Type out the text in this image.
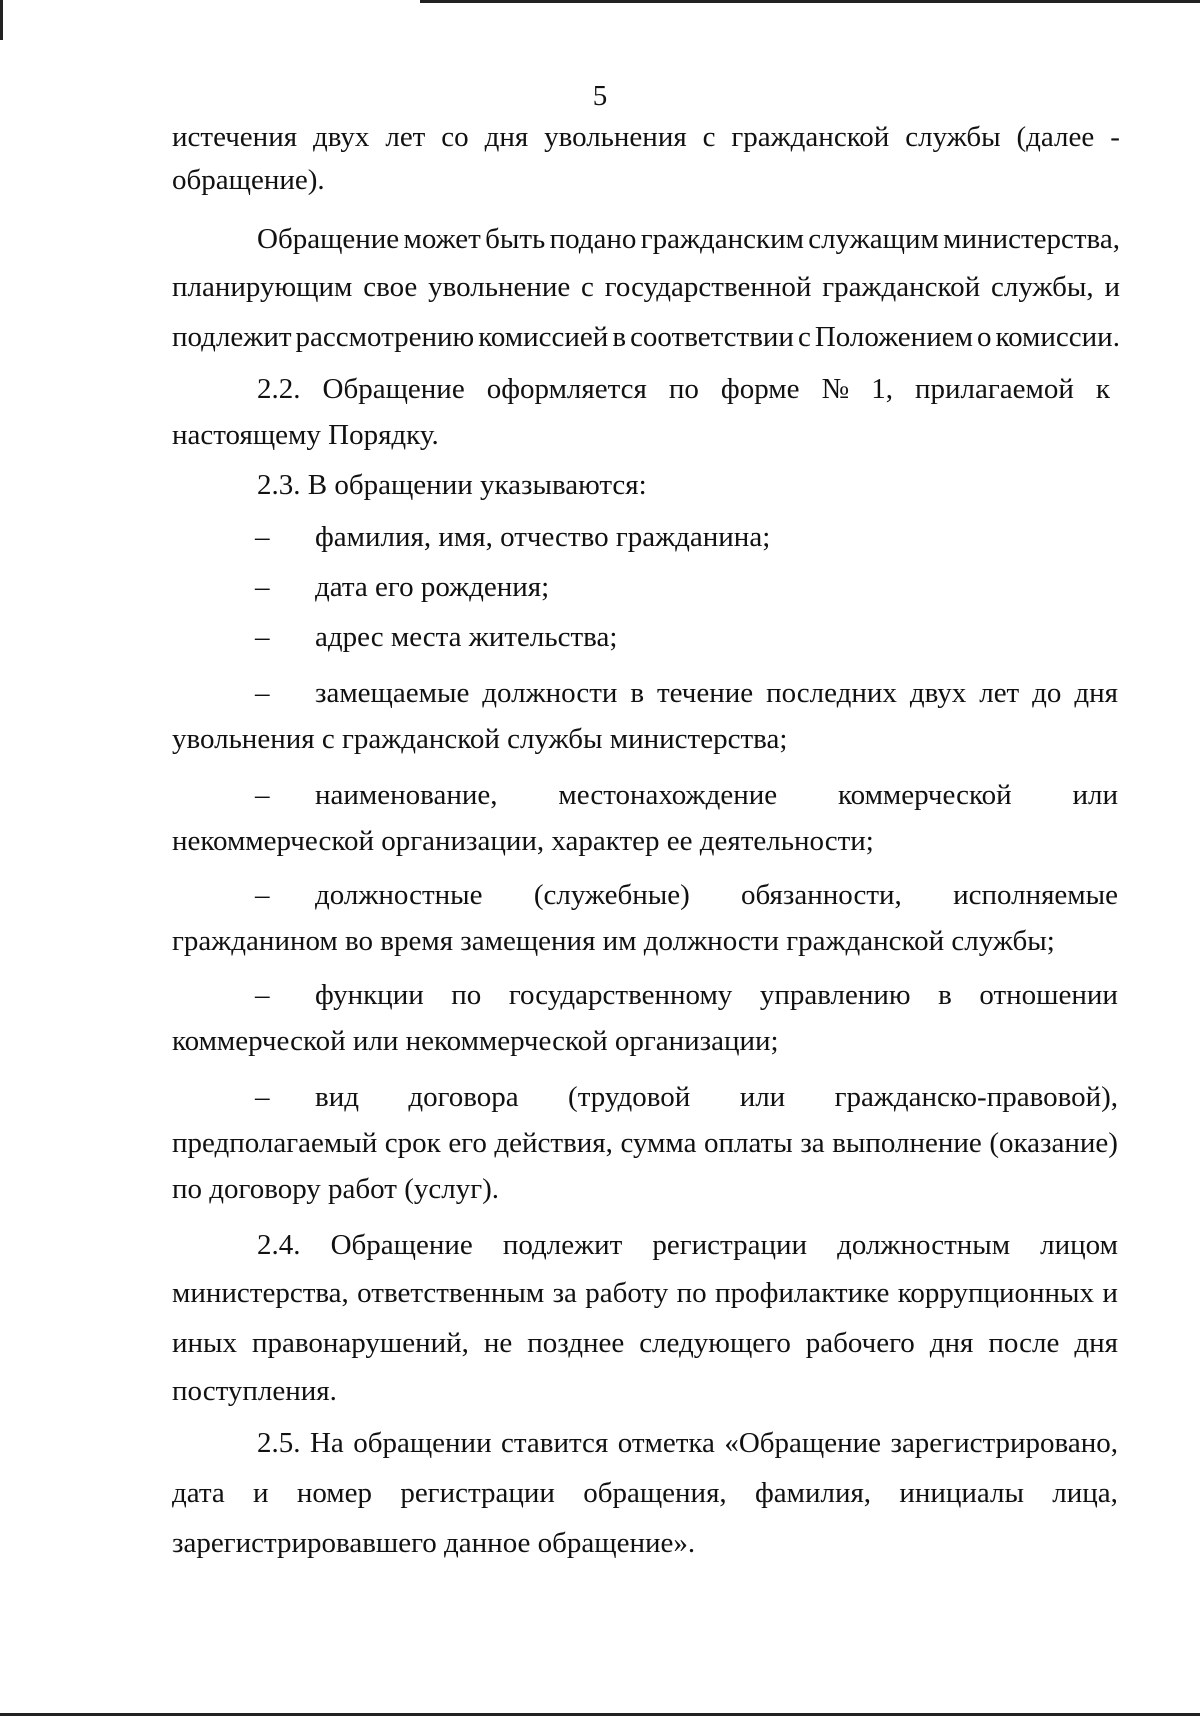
5
истечения двух лет со дня увольнения с гражданской службы (далее -
обращение).
Обращение может быть подано гражданским служащим министерства,
планирующим свое увольнение с государственной гражданской службы, и
подлежит рассмотрению комиссией в соответствии с Положением о комиссии.
2.2. Обращение оформляется по форме № 1, прилагаемой к
настоящему Порядку.
2.3. В обращении указываются:
– фамилия, имя, отчество гражданина;
– дата его рождения;
– адрес места жительства;
– замещаемые должности в течение последних двух лет до дня
увольнения с гражданской службы министерства;
– наименование, местонахождение коммерческой или
некоммерческой организации, характер ее деятельности;
– должностные (служебные) обязанности, исполняемые
гражданином во время замещения им должности гражданской службы;
– функции по государственному управлению в отношении
коммерческой или некоммерческой организации;
– вид договора (трудовой или гражданско-правовой),
предполагаемый срок его действия, сумма оплаты за выполнение (оказание)
по договору работ (услуг).
2.4. Обращение подлежит регистрации должностным лицом
министерства, ответственным за работу по профилактике коррупционных и
иных правонарушений, не позднее следующего рабочего дня после дня
поступления.
2.5. На обращении ставится отметка «Обращение зарегистрировано,
дата и номер регистрации обращения, фамилия, инициалы лица,
зарегистрировавшего данное обращение».
